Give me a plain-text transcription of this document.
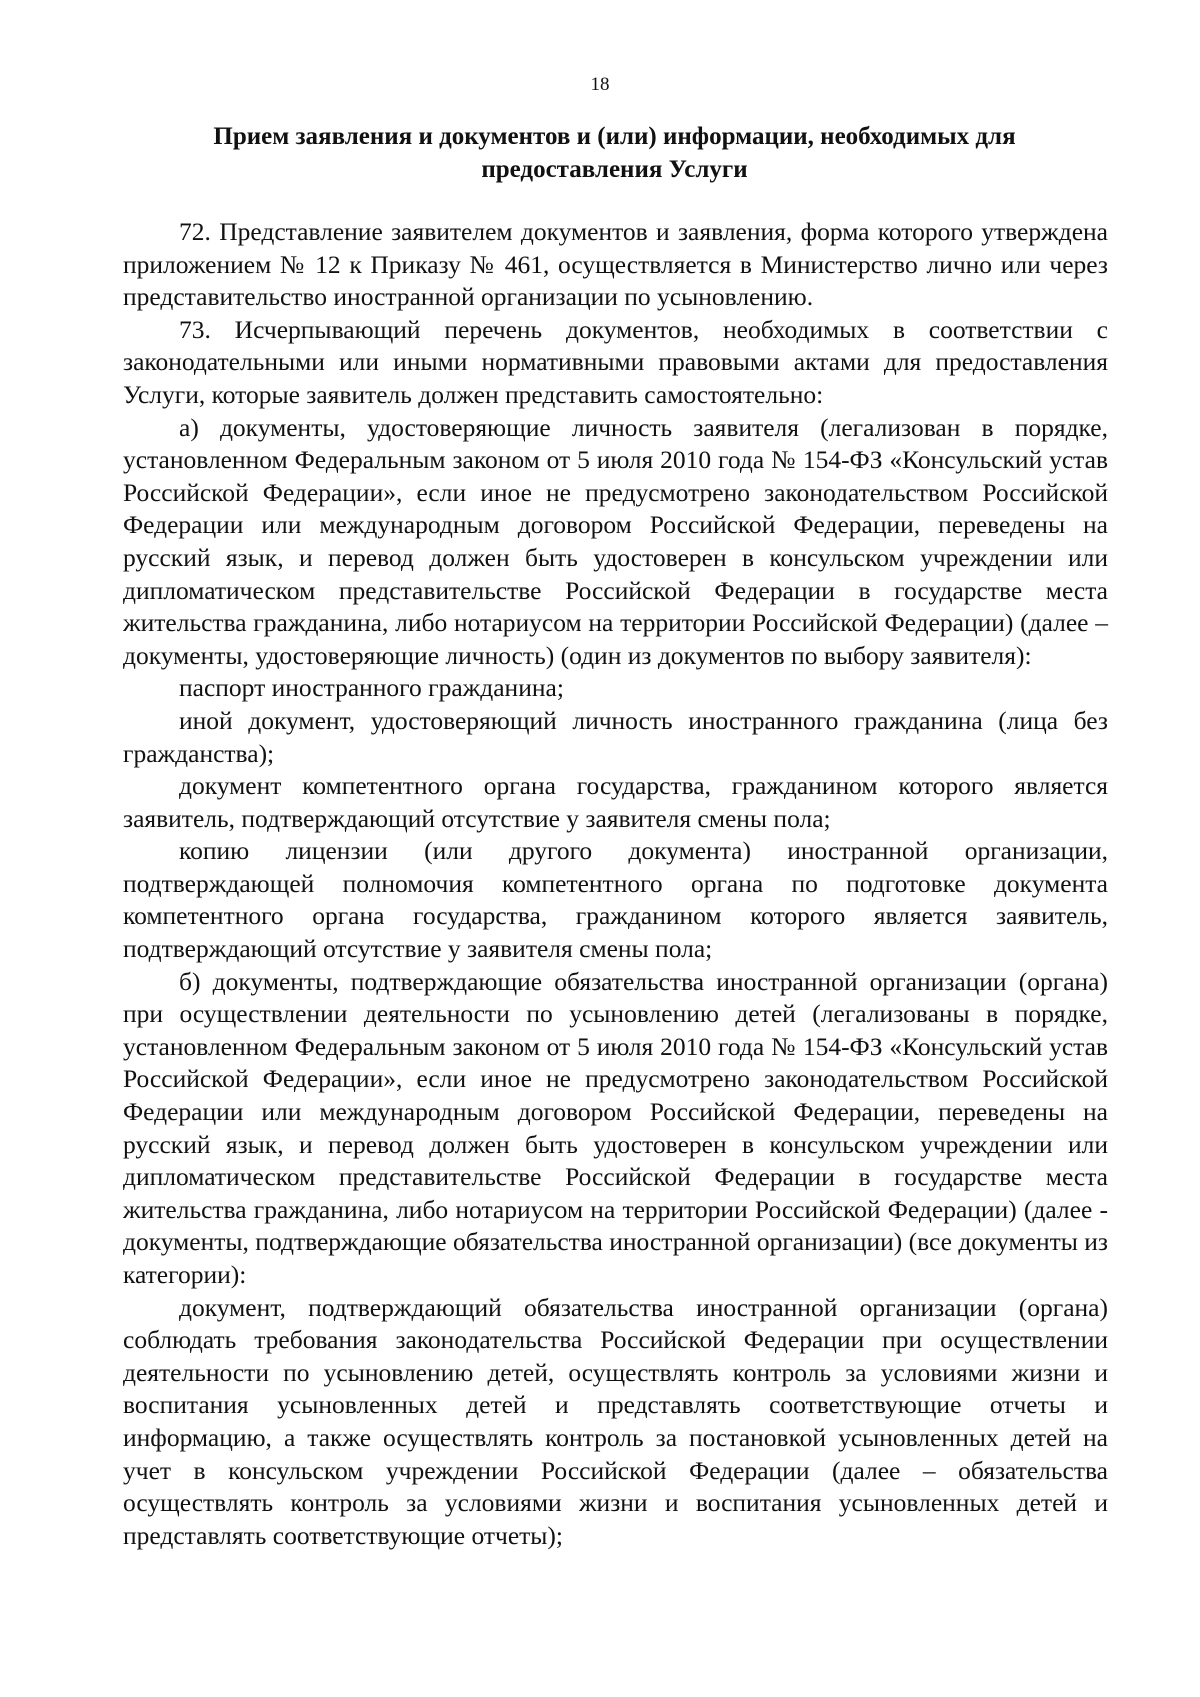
18
Прием заявления и документов и (или) информации, необходимых для предоставления Услуги

72. Представление заявителем документов и заявления, форма которого утверждена приложением № 12 к Приказу № 461, осуществляется в Министерство лично или через представительство иностранной организации по усыновлению.

73. Исчерпывающий перечень документов, необходимых в соответствии с законодательными или иными нормативными правовыми актами для предоставления Услуги, которые заявитель должен представить самостоятельно:

а) документы, удостоверяющие личность заявителя (легализован в порядке, установленном Федеральным законом от 5 июля 2010 года № 154-ФЗ «Консульский устав Российской Федерации», если иное не предусмотрено законодательством Российской Федерации или международным договором Российской Федерации, переведены на русский язык, и перевод должен быть удостоверен в консульском учреждении или дипломатическом представительстве Российской Федерации в государстве места жительства гражданина, либо нотариусом на территории Российской Федерации) (далее – документы, удостоверяющие личность) (один из документов по выбору заявителя):

паспорт иностранного гражданина;

иной документ, удостоверяющий личность иностранного гражданина (лица без гражданства);

документ компетентного органа государства, гражданином которого является заявитель, подтверждающий отсутствие у заявителя смены пола;

копию лицензии (или другого документа) иностранной организации, подтверждающей полномочия компетентного органа по подготовке документа компетентного органа государства, гражданином которого является заявитель, подтверждающий отсутствие у заявителя смены пола;

б) документы, подтверждающие обязательства иностранной организации (органа) при осуществлении деятельности по усыновлению детей (легализованы в порядке, установленном Федеральным законом от 5 июля 2010 года № 154-ФЗ «Консульский устав Российской Федерации», если иное не предусмотрено законодательством Российской Федерации или международным договором Российской Федерации, переведены на русский язык, и перевод должен быть удостоверен в консульском учреждении или дипломатическом представительстве Российской Федерации в государстве места жительства гражданина, либо нотариусом на территории Российской Федерации) (далее - документы, подтверждающие обязательства иностранной организации) (все документы из категории):

документ, подтверждающий обязательства иностранной организации (органа) соблюдать требования законодательства Российской Федерации при осуществлении деятельности по усыновлению детей, осуществлять контроль за условиями жизни и воспитания усыновленных детей и представлять соответствующие отчеты и информацию, а также осуществлять контроль за постановкой усыновленных детей на учет в консульском учреждении Российской Федерации (далее – обязательства осуществлять контроль за условиями жизни и воспитания усыновленных детей и представлять соответствующие отчеты);
